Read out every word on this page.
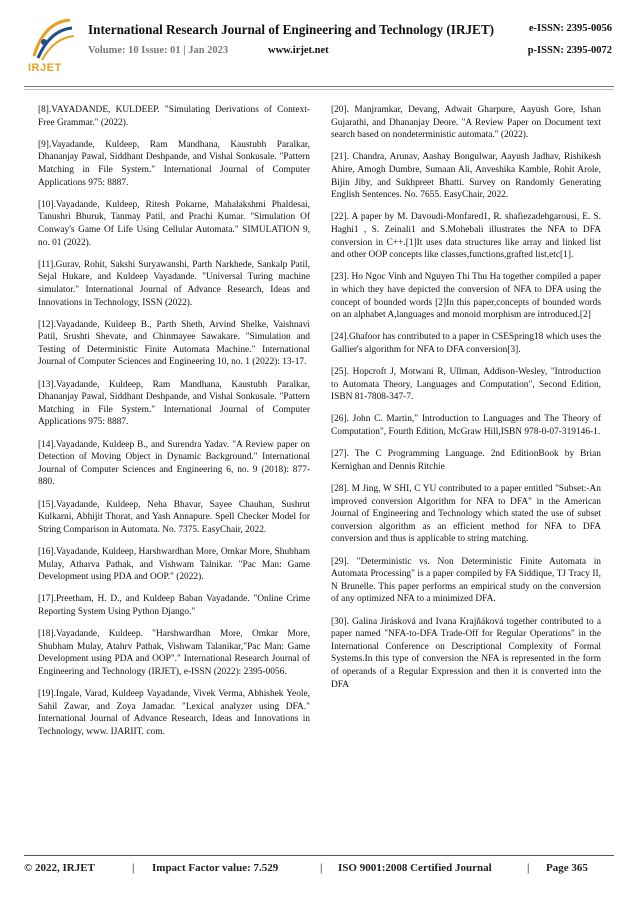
IRJET
International Research Journal of Engineering and Technology (IRJET)	e-ISSN: 2395-0056
Volume: 10 Issue: 01 | Jan 2023	www.irjet.net	p-ISSN: 2395-0072

[8].VAYADANDE, KULDEEP. "Simulating Derivations of Context-Free Grammar." (2022).

[9].Vayadande, Kuldeep, Ram Mandhana, Kaustubh Paralkar, Dhananjay Pawal, Siddhant Deshpande, and Vishal Sonkusale. "Pattern Matching in File System." International Journal of Computer Applications 975: 8887.

[10].Vayadande, Kuldeep, Ritesh Pokarne, Mahalakshmi Phaldesai, Tanushri Bhuruk, Tanmay Patil, and Prachi Kumar. "Simulation Of Conway's Game Of Life Using Cellular Automata." SIMULATION 9, no. 01 (2022).

[11].Gurav, Rohit, Sakshi Suryawanshi, Parth Narkhede, Sankalp Patil, Sejal Hukare, and Kuldeep Vayadande. "Universal Turing machine simulator." International Journal of Advance Research, Ideas and Innovations in Technology, ISSN (2022).

[12].Vayadande, Kuldeep B., Parth Sheth, Arvind Shelke, Vaishnavi Patil, Srushti Shevate, and Chinmayee Sawakare. "Simulation and Testing of Deterministic Finite Automata Machine." International Journal of Computer Sciences and Engineering 10, no. 1 (2022): 13-17.

[13].Vayadande, Kuldeep, Ram Mandhana, Kaustubh Paralkar, Dhananjay Pawal, Siddhant Deshpande, and Vishal Sonkusale. "Pattern Matching in File System." International Journal of Computer Applications 975: 8887.

[14].Vayadande, Kuldeep B., and Surendra Yadav. "A Review paper on Detection of Moving Object in Dynamic Background." International Journal of Computer Sciences and Engineering 6, no. 9 (2018): 877-880.

[15].Vayadande, Kuldeep, Neha Bhavar, Sayee Chauhan, Sushrut Kulkarni, Abhijit Thorat, and Yash Annapure. Spell Checker Model for String Comparison in Automata. No. 7375. EasyChair, 2022.

[16].Vayadande, Kuldeep, Harshwardhan More, Omkar More, Shubham Mulay, Atharva Pathak, and Vishwam Talnikar. "Pac Man: Game Development using PDA and OOP." (2022).

[17].Preetham, H. D., and Kuldeep Baban Vayadande. "Online Crime Reporting System Using Python Django."

[18].Vayadande, Kuldeep. "Harshwardhan More, Omkar More, Shubham Mulay, Atahrv Pathak, Vishwam Talanikar,"Pac Man: Game Development using PDA and OOP"." International Research Journal of Engineering and Technology (IRJET), e-ISSN (2022): 2395-0056.

[19].Ingale, Varad, Kuldeep Vayadande, Vivek Verma, Abhishek Yeole, Sahil Zawar, and Zoya Jamadar. "Lexical analyzer using DFA." International Journal of Advance Research, Ideas and Innovations in Technology, www. IJARIIT. com.

[20]. Manjramkar, Devang, Adwait Gharpure, Aayush Gore, Ishan Gujarathi, and Dhananjay Deore. "A Review Paper on Document text search based on nondeterministic automata." (2022).

[21]. Chandra, Arunav, Aashay Bongulwar, Aayush Jadhav, Rishikesh Ahire, Amogh Dumbre, Sumaan Ali, Anveshika Kamble, Rohit Arole, Bijin Jiby, and Sukhpreet Bhatti. Survey on Randomly Generating English Sentences. No. 7655. EasyChair, 2022.

[22]. A paper by M. Davoudi-Monfared1, R. shafiezadehgarousi, E. S. Haghi1 , S. Zeinali1 and S.Mohebali illustrates the NFA to DFA conversion in C++.[1]It uses data structures like array and linked list and other OOP concepts like classes,functions,grafted list,etc[1].

[23]. Ho Ngoc Vinh and Nguyen Thi Thu Ha together compiled a paper in which they have depicted the conversion of NFA to DFA using the concept of bounded words [2]In this paper,concepts of bounded words on an alphabet A,languages and monoid morphism are introduced.[2]

[24].Ghafoor has contributed to a paper in CSESpring18 which uses the Gallier's algorithm for NFA to DFA conversion[3].

[25]. Hopcroft J, Motwani R, Ullman, Addison-Wesley, "Introduction to Automata Theory, Languages and Computation", Second Edition, ISBN 81-7808-347-7.

[26]. John C. Martin," Introduction to Languages and The Theory of Computation", Fourth Edition, McGraw Hill,ISBN 978-0-07-319146-1.

[27]. The C Programming Language. 2nd EditionBook by Brian Kernighan and Dennis Ritchie

[28]. M Jing, W SHI, C YU contributed to a paper entitled "Subset:-An improved conversion Algorithm for NFA to DFA" in the American Journal of Engineering and Technology which stated the use of subset conversion algorithm as an efficient method for NFA to DFA conversion and thus is applicable to string matching.

[29]. "Deterministic vs. Non Deterministic Finite Automata in Automata Processing" is a paper compiled by FA Siddique, TJ Tracy II, N Brunelle. This paper performs an empirical study on the conversion of any optimized NFA to a minimized DFA.

[30]. Galina Jirásková and Ivana Krajňáková together contributed to a paper named "NFA-to-DFA Trade-Off for Regular Operations" in the International Conference on Descriptional Complexity of Formal Systems.In this type of conversion the NFA is represented in the form of operands of a Regular Expression and then it is converted into the DFA

© 2022, IRJET	| Impact Factor value: 7.529	| ISO 9001:2008 Certified Journal	| Page 365
